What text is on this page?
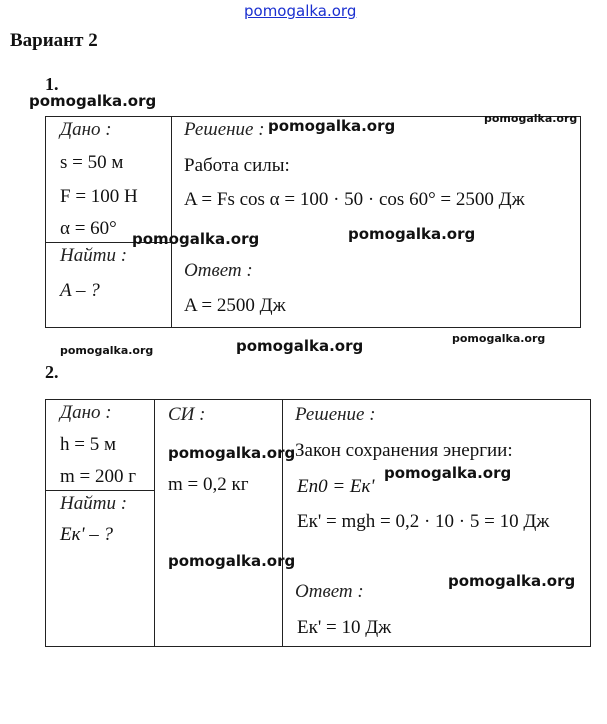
pomogalka.org
Вариант 2
1.
Дано :
s = 50 м
F = 100 Н
α = 60°
Найти :
A – ?
Решение :
Работа силы:
A = Fs cos α = 100 · 50 · cos 60° = 2500 Дж
Ответ :
A = 2500 Дж
2.
Дано :
h = 5 м
m = 200 г
Найти :
Eк' – ?
СИ :
m = 0,2 кг
Решение :
Закон сохранения энергии:
Eп0 = Eк'
Eк' = mgh = 0,2 · 10 · 5 = 10 Дж
Ответ :
Eк' = 10 Дж
pomogalka.org
pomogalka.org	pomogalka.org
pomogalka.org	pomogalka.org
pomogalka.org	pomogalka.org	pomogalka.org
pomogalka.org
pomogalka.org
pomogalka.org
pomogalka.org
